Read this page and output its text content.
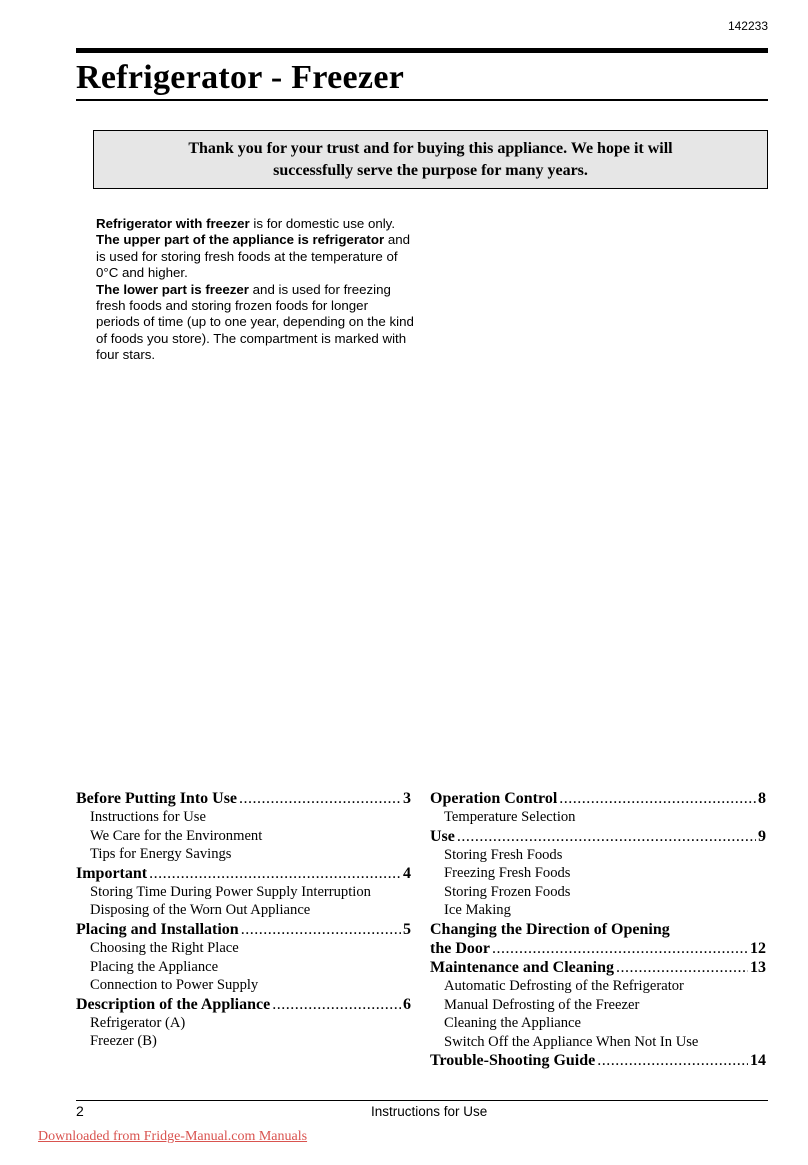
142233
Refrigerator - Freezer
Thank you for your trust and for buying this appliance. We hope it will successfully serve the purpose for many years.

Refrigerator with freezer is for domestic use only.

The upper part of the appliance is refrigerator and is used for storing fresh foods at the temperature of 0°C and higher.

The lower part is freezer and is used for freezing fresh foods and storing frozen foods for longer periods of time (up to one year, depending on the kind of foods you store). The compartment is marked with four stars.

Before Putting Into Use .....	3
Instructions for Use
We Care for the Environment
Tips for Energy Savings
Important .....	4
Storing Time During Power Supply Interruption
Disposing of the Worn Out Appliance
Placing and Installation .....	5
Choosing the Right Place
Placing the Appliance
Connection to Power Supply
Description of the Appliance .....	6
Refrigerator (A)
Freezer (B)
Operation Control .....	8
Temperature Selection
Use .....	9
Storing Fresh Foods
Freezing Fresh Foods
Storing Frozen Foods
Ice Making
Changing the Direction of Opening
the Door .....	12
Maintenance and Cleaning .....	13
Automatic Defrosting of the Refrigerator
Manual Defrosting of the Freezer
Cleaning the Appliance
Switch Off the Appliance When Not In Use
Trouble-Shooting Guide .....	14
2	Instructions for Use
Downloaded from Fridge-Manual.com Manuals
